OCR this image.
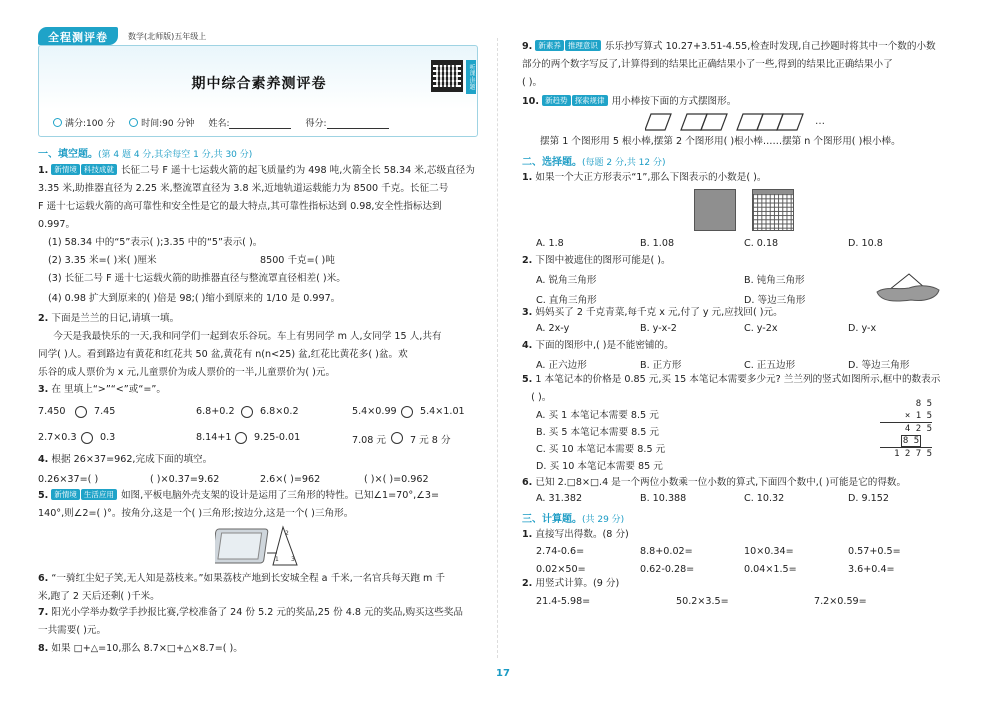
全程测评卷	数学(北师版)五年级上
期中综合素养测评卷	听课·讲题
满分:100 分	时间:90 分钟 姓名:	得分:
一、填空题。(第 4 题 4 分,其余每空 1 分,共 30 分)
1. 新情境 科技成就 长征二号 F 遥十七运载火箭的起飞质量约为 498 吨,火箭全长 58.34 米,芯级直径为
3.35 米,助推器直径为 2.25 米,整流罩直径为 3.8 米,近地轨道运载能力为 8500 千克。长征二号
F 遥十七运载火箭的高可靠性和安全性是它的最大特点,其可靠性指标达到 0.98,安全性指标达到
0.997。
(1) 58.34 中的“5”表示( );3.35 中的“5”表示( )。
(2) 3.35 米=( )米( )厘米	8500 千克=( )吨
(3) 长征二号 F 遥十七运载火箭的助推器直径与整流罩直径相差( )米。
(4) 0.98 扩大到原来的( )倍是 98;( )缩小到原来的 1/10 是 0.997。
2. 下面是兰兰的日记,请填一填。
今天是我最快乐的一天,我和同学们一起到农乐谷玩。车上有男同学 m 人,女同学 15 人,共有
同学( )人。看到路边有黄花和红花共 50 盆,黄花有 n(n<25) 盆,红花比黄花多( )盆。欢
乐谷的成人票价为 x 元,儿童票价为成人票价的一半,儿童票价为( )元。
3. 在 里填上“>”“<”或“=”。
7.450	7.45	6.8+0.2	6.8×0.2	5.4×0.99 5.4×1.01
2.7×0.3 0.3	8.14+1 9.25-0.01	7.08 元 7 元 8 分
4. 根据 26×37=962,完成下面的填空。
0.26×37=( )	( )×0.37=9.62	2.6×( )=962	( )×( )=0.962
5. 新情境 生活应用 如图,平板电脑外壳支架的设计是运用了三角形的特性。已知∠1=70°,∠3=
140°,则∠2=( )°。按角分,这是一个( )三角形;按边分,这是一个( )三角形。
1
2
3
6. “一骑红尘妃子笑,无人知是荔枝来。”如果荔枝产地到长安城全程 a 千米,一名官兵每天跑 m 千
米,跑了 2 天后还剩( )千米。
7. 阳光小学举办数学手抄报比赛,学校准备了 24 份 5.2 元的奖品,25 份 4.8 元的奖品,购买这些奖品
一共需要( )元。
8. 如果 □+△=10,那么 8.7×□+△×8.7=( )。
9. 新素养 推理意识 乐乐抄写算式 10.27+3.51-4.55,检查时发现,自己抄题时将其中一个数的小数
部分的两个数字写反了,计算得到的结果比正确结果小了一些,得到的结果比正确结果小了
( )。
10. 新趋势 探索规律 用小棒按下面的方式摆图形。
…
摆第 1 个图形用 5 根小棒,摆第 2 个图形用( )根小棒……摆第 n 个图形用( )根小棒。
二、选择题。(每题 2 分,共 12 分)
1. 如果一个大正方形表示“1”,那么下图表示的小数是( )。
A. 1.8	B. 1.08	C. 0.18	D. 10.8
2. 下图中被遮住的图形可能是( )。
A. 锐角三角形	B. 钝角三角形
C. 直角三角形	D. 等边三角形
3. 妈妈买了 2 千克青菜,每千克 x 元,付了 y 元,应找回( )元。
A. 2x-y	B. y-x-2	C. y-2x	D. y-x
4. 下面的图形中,( )是不能密铺的。
A. 正六边形	B. 正方形	C. 正五边形	D. 等边三角形
5. 1 本笔记本的价格是 0.85 元,买 15 本笔记本需要多少元? 兰兰列的竖式如图所示,框中的数表示
( )。
A. 买 1 本笔记本需要 8.5 元
B. 买 5 本笔记本需要 8.5 元
C. 买 10 本笔记本需要 8.5 元
D. 买 10 本笔记本需要 85 元
8 5
× 1 5
4 2 5
8 5
1 2 7 5
6. 已知 2.□8×□.4 是一个两位小数乘一位小数的算式,下面四个数中,( )可能是它的得数。
A. 31.382	B. 10.388	C. 10.32	D. 9.152
三、计算题。(共 29 分)
1. 直接写出得数。(8 分)
2.74-0.6=	8.8+0.02=	10×0.34=	0.57+0.5=
0.02×50=	0.62-0.28=	0.04×1.5=	3.6+0.4=
2. 用竖式计算。(9 分)
21.4-5.98=	50.2×3.5=	7.2×0.59=
17
